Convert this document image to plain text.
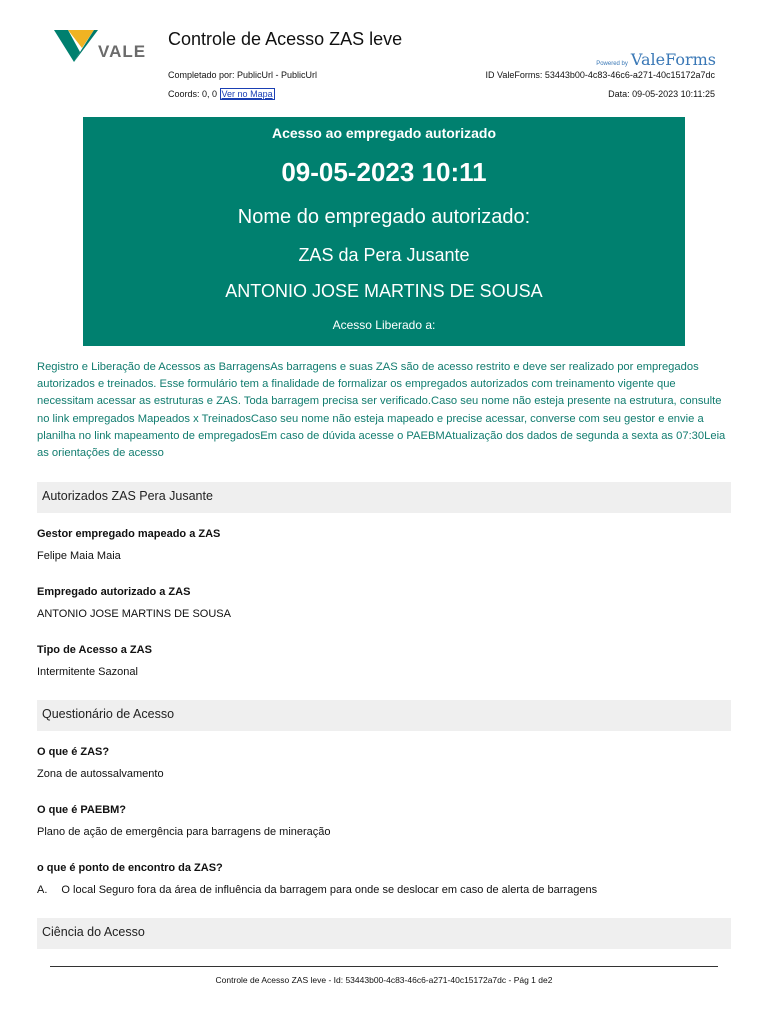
VALE
Controle de Acesso ZAS leve
Powered by ValeForms
Completado por: PublicUrl - PublicUrl
Coords: 0, 0 Ver no Mapa
ID ValeForms: 53443b00-4c83-46c6-a271-40c15172a7dc
Data: 09-05-2023 10:11:25
Acesso ao empregado autorizado
09-05-2023 10:11
Nome do empregado autorizado:
ZAS da Pera Jusante
ANTONIO JOSE MARTINS DE SOUSA
Acesso Liberado a:
Registro e Liberação de Acessos as BarragensAs barragens e suas ZAS são de acesso restrito e deve ser realizado por empregados autorizados e treinados. Esse formulário tem a finalidade de formalizar os empregados autorizados com treinamento vigente que necessitam acessar as estruturas e ZAS. Toda barragem precisa ser verificado.Caso seu nome não esteja presente na estrutura, consulte no link empregados Mapeados x TreinadosCaso seu nome não esteja mapeado e precise acessar, converse com seu gestor e envie a planilha no link mapeamento de empregadosEm caso de dúvida acesse o PAEBMAtualização dos dados de segunda a sexta as 07:30Leia as orientações de acesso
Autorizados ZAS Pera Jusante
Gestor empregado mapeado a ZAS
Felipe Maia Maia
Empregado autorizado a ZAS
ANTONIO JOSE MARTINS DE SOUSA
Tipo de Acesso a ZAS
Intermitente Sazonal
Questionário de Acesso
O que é ZAS?
Zona de autossalvamento
O que é PAEBM?
Plano de ação de emergência para barragens de mineração
o que é ponto de encontro da ZAS?
A. O local Seguro fora da área de influência da barragem para onde se deslocar em caso de alerta de barragens
Ciência do Acesso
Controle de Acesso ZAS leve - Id: 53443b00-4c83-46c6-a271-40c15172a7dc - Pág 1 de2
